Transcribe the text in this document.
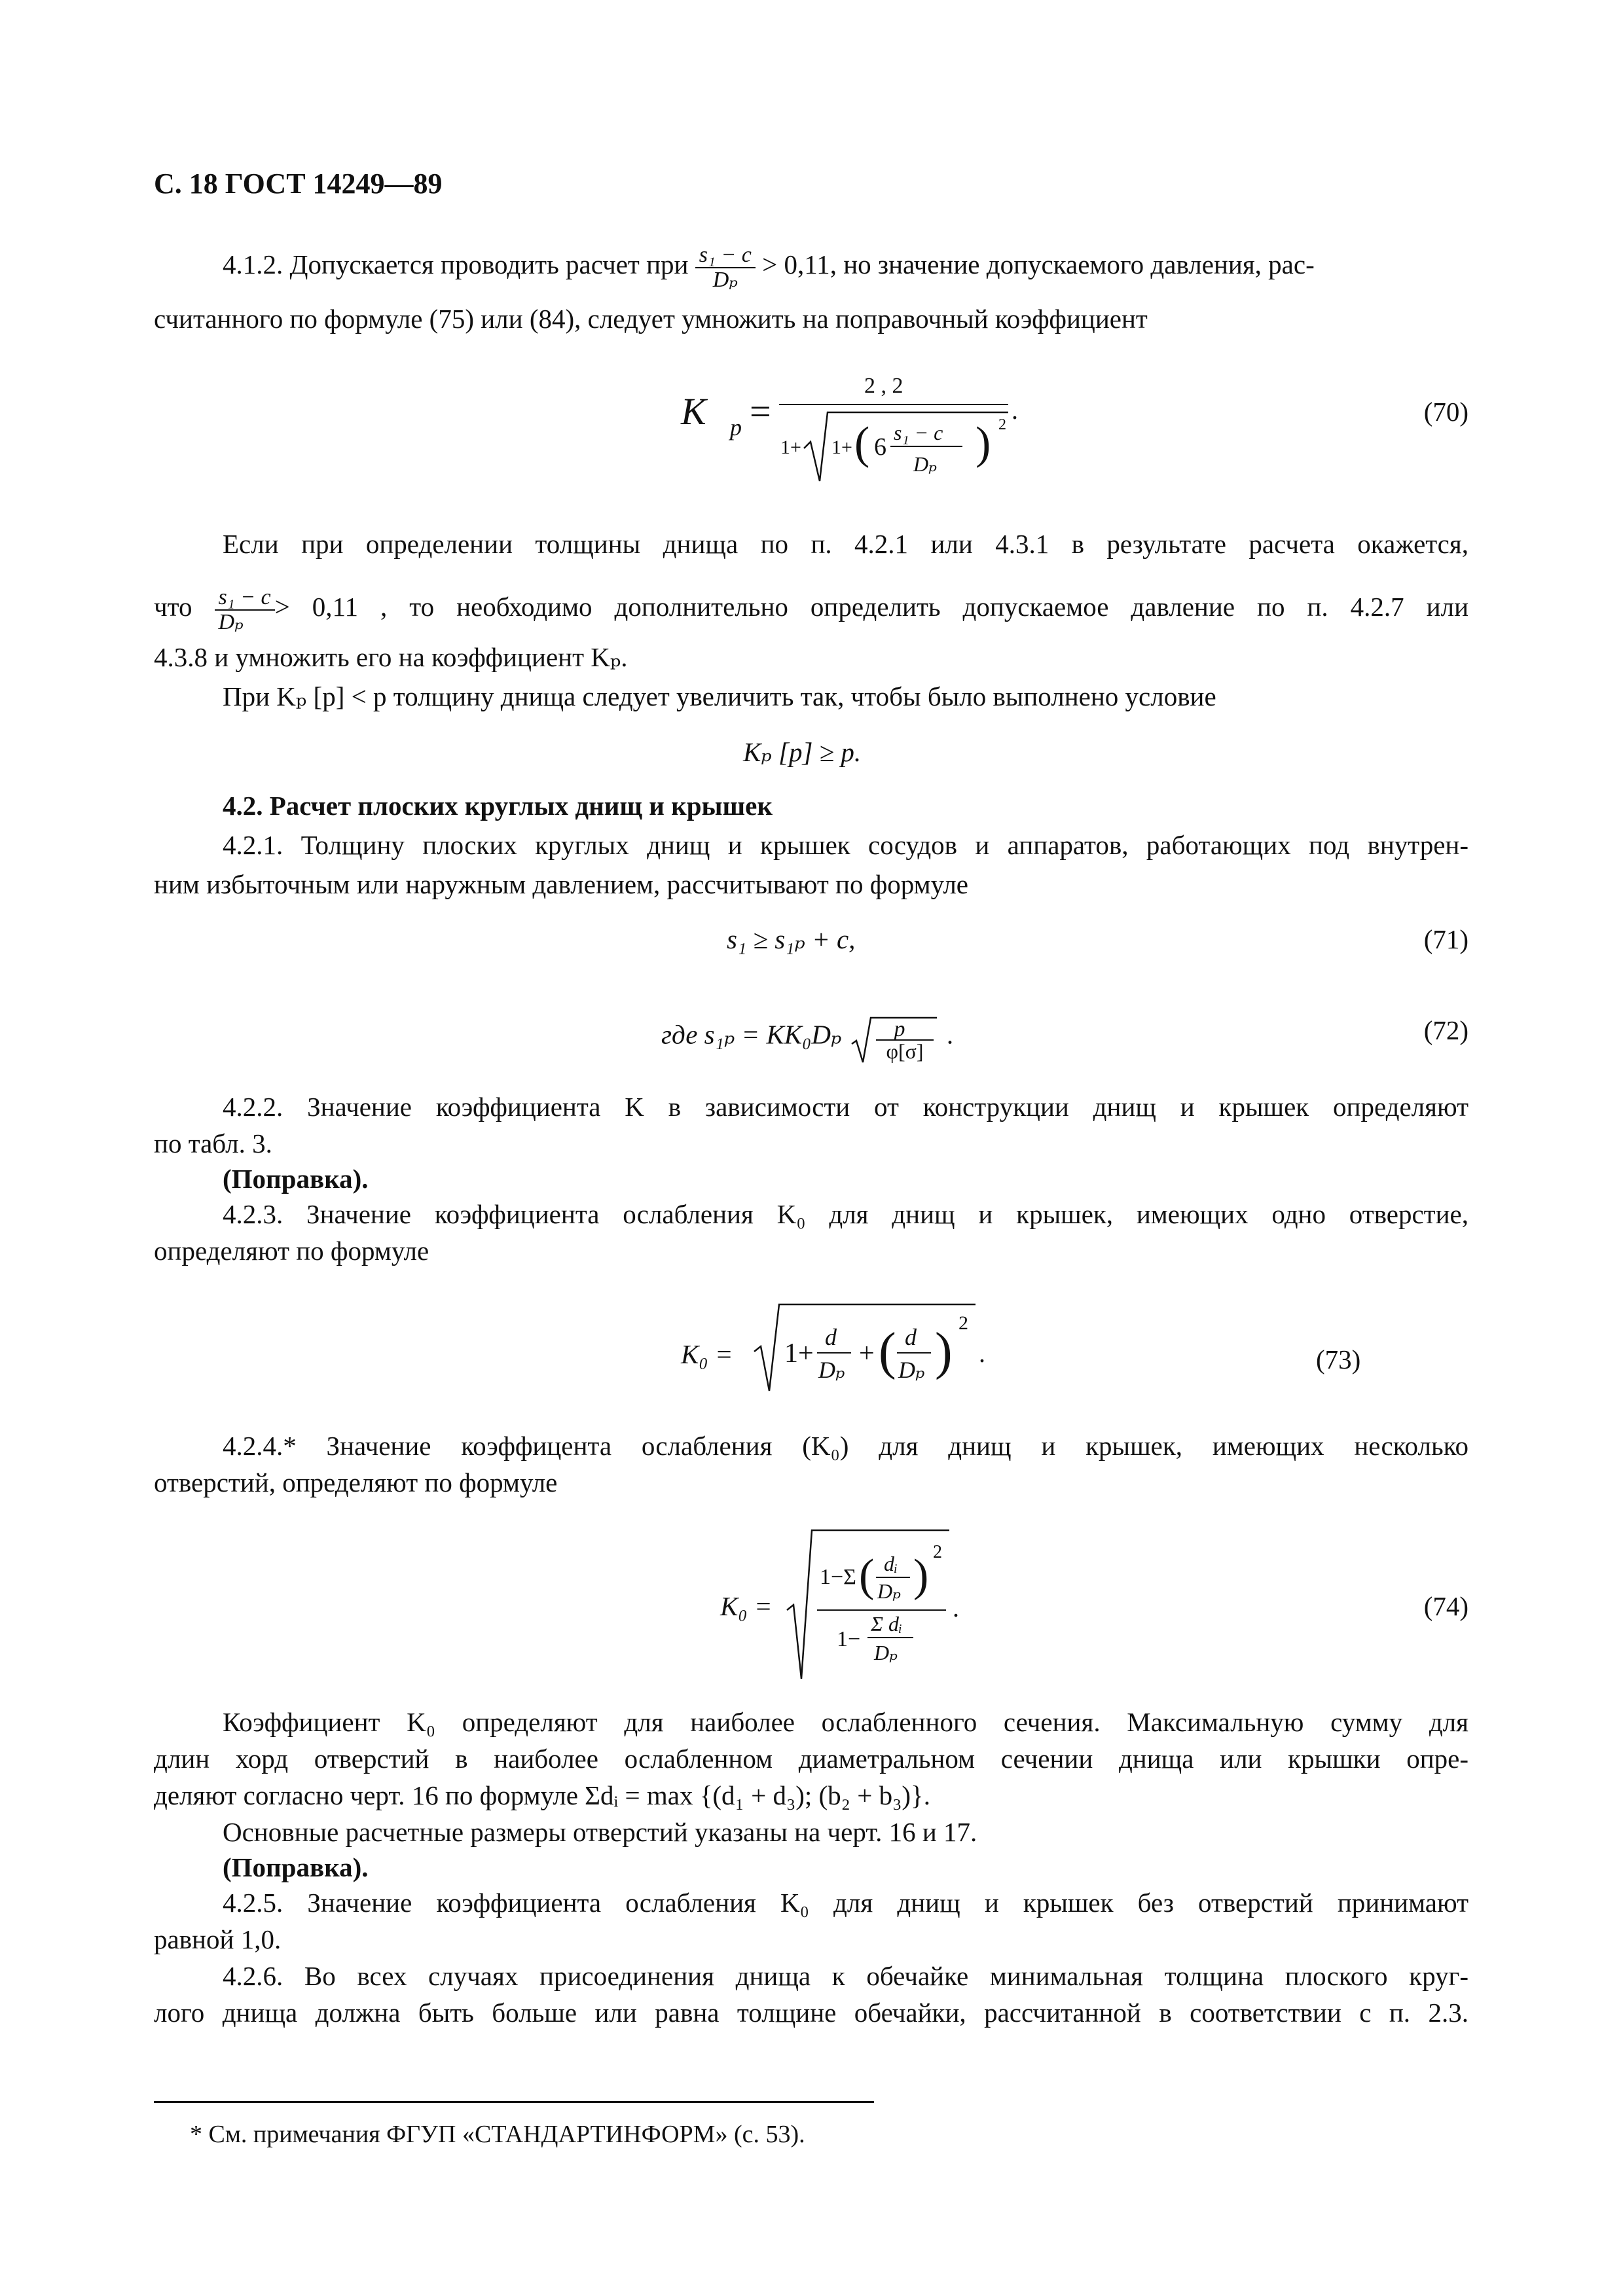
С. 18 ГОСТ 14249—89
4.1.2. Допускается проводить расчет при $\frac{\text{s₁ − c}}{\text{Dₚ}} > 0,11$, но значение допускаемого давления, рас-
считанного по формуле (75) или (84), следует умножить на поправочный коэффициент
K p =
2 , 2
1+ 1+ ( 6
s₁ − c
Dₚ ) 2 .	(70)
Если при определении толщины днища по п. 4.2.1 или 4.3.1 в результате расчета окажется,
что $\frac{\text{s₁ − c}}{\text{Dₚ}} > 0,11$ , то необходимо дополнительно определить допускаемое давление по п. 4.2.7 или
4.3.8 и умножить его на коэффициент Kₚ.
При Kₚ [p] < p толщину днища следует увеличить так, чтобы было выполнено условие
Kₚ [p] ≥ p.
4.2. Расчет плоских круглых днищ и крышек
4.2.1. Толщину плоских круглых днищ и крышек сосудов и аппаратов, работающих под внутрен-
ним избыточным или наружным давлением, рассчитывают по формуле
s₁ ≥ s₁ₚ + c,	(71)
где s₁ₚ = KK₀Dₚ p
φ[σ]
.	(72)
4.2.2. Значение коэффициента K в зависимости от конструкции днищ и крышек определяют
по табл. 3.
(Поправка).
4.2.3. Значение коэффициента ослабления K₀ для днищ и крышек, имеющих одно отверстие,
определяют по формуле
K₀ = 1+
d
Dₚ
+ ( d
Dₚ ) 2
.	(73)
4.2.4.* Значение коэффицента ослабления (K₀) для днищ и крышек, имеющих несколько
отверстий, определяют по формуле
K₀ =
1−Σ ( dᵢ
Dₚ ) 2
1−
Σ dᵢ
Dₚ
.	(74)
Коэффициент K₀ определяют для наиболее ослабленного сечения. Максимальную сумму для
длин хорд отверстий в наиболее ослабленном диаметральном сечении днища или крышки опре-
деляют согласно черт. 16 по формуле Σdᵢ = max {(d₁ + d₃); (b₂ + b₃)}.
Основные расчетные размеры отверстий указаны на черт. 16 и 17.
(Поправка).
4.2.5. Значение коэффициента ослабления K₀ для днищ и крышек без отверстий принимают
равной 1,0.
4.2.6. Во всех случаях присоединения днища к обечайке минимальная толщина плоского круг-
лого днища должна быть больше или равна толщине обечайки, рассчитанной в соответствии с п. 2.3.
* См. примечания ФГУП «СТАНДАРТИНФОРМ» (с. 53).
